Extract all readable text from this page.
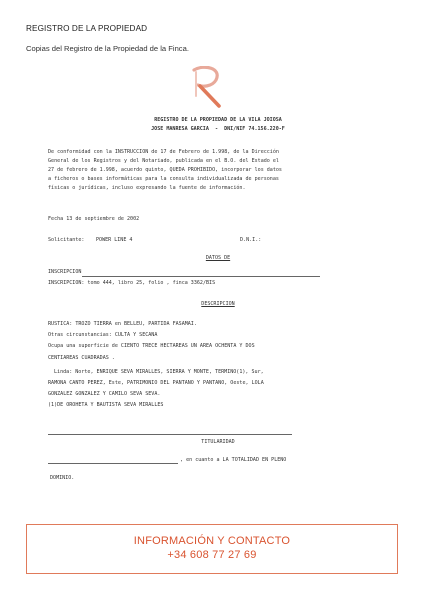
REGISTRO DE LA PROPIEDAD
Copias del Registro de la Propiedad de la Finca.
REGISTRO DE LA PROPIEDAD DE LA VILA JOIOSA
JOSE MANRESA GARCIA  -  DNI/NIF 74.156.220-F
De conformidad con la INSTRUCCION de 17 de Febrero de 1.998, de la Dirección
General de los Registros y del Notariado, publicada en el B.O. del Estado el
27 de febrero de 1.998, acuerdo quinto, QUEDA PROHIBIDO, incorporar los datos
a ficheros o bases informáticas para la consulta individualizada de personas
físicas o jurídicas, incluso expresando la fuente de información.
Fecha 13 de septiembre de 2002
Solicitante: POWER LINE 4	D.N.I.:
DATOS DE
INSCRIPCION
INSCRIPCION: tomo 444, libro 25, folio , finca 3362/BIS
DESCRIPCION
RUSTICA: TROZO TIERRA en BELLEU, PARTIDA FASAMAI.
Otras circunstancias: CULTA Y SECANA
Ocupa una superficie de CIENTO TRECE HECTAREAS UN AREA OCHENTA Y DOS
CENTIAREAS CUADRADAS .
Linda: Norte, ENRIQUE SEVA MIRALLES, SIERRA Y MONTE, TERMINO(1), Sur,
RAMONA CANTO PEREZ, Este, PATRIMONIO DEL PANTANO Y PANTANO, Oeste, LOLA
GONZALEZ GONZALEZ Y CAMILO SEVA SEVA.
(1)DE OROHETA Y BAUTISTA SEVA MIRALLES
TITULARIDAD
, en cuanto a LA TOTALIDAD EN PLENO
DOMINIO.
INFORMACIÓN Y CONTACTO
+34 608 77 27 69
